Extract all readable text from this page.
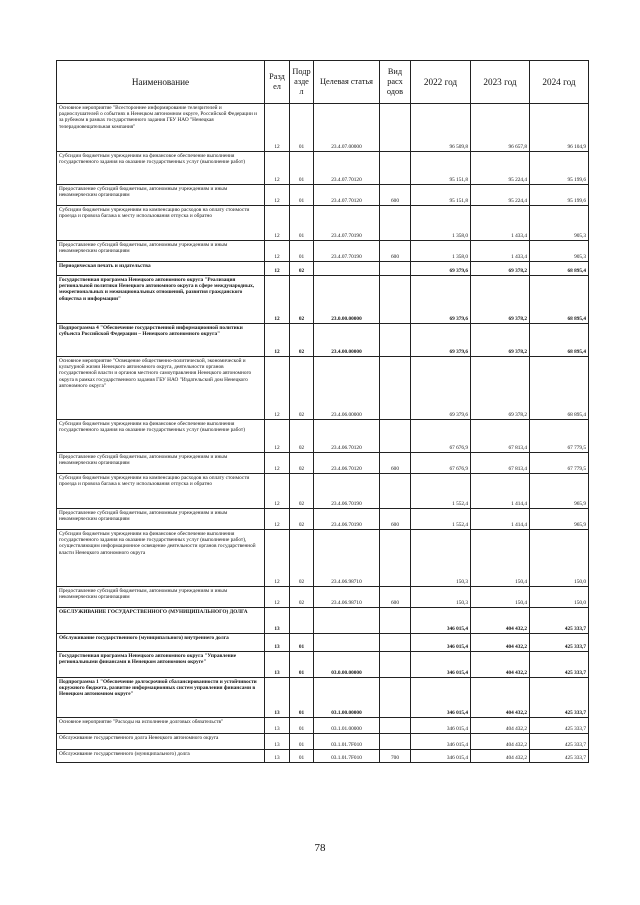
Наименование	Разд ел	Подр азде л	Целевая статья	Вид расх одов	2022 год	2023 год	2024 год
Основное мероприятие "Всестороннее информирование телезрителей и радиослушателей о событиях в Ненецком автономном округе, Российской Федерации и за рубежом в рамках государственного задания ГБУ НАО "Ненецкая телерадиовещательная компания"	12	01	23.4.07.00000		96 509,8	96 657,8	96 104,9
Субсидии бюджетным учреждениям на финансовое обеспечение выполнения государственного задания на оказание государственных услуг (выполнение работ)	12	01	23.4.07.70120		95 151,8	95 224,4	95 199,6
Предоставление субсидий бюджетным, автономным учреждениям и иным некоммерческим организациям	12	01	23.4.07.70120	600	95 151,8	95 224,4	95 199,6
Субсидии бюджетным учреждениям на компенсацию расходов на оплату стоимости проезда и провоза багажа к месту использования отпуска и обратно	12	01	23.4.07.70190		1 358,0	1 433,4	905,3
Предоставление субсидий бюджетным, автономным учреждениям и иным некоммерческим организациям	12	01	23.4.07.70190	600	1 358,0	1 433,4	905,3
Периодическая печать и издательства	12	02			69 379,6	69 378,2	68 895,4
Государственная программа Ненецкого автономного округа "Реализация региональной политики Ненецкого автономного округа в сфере международных, межрегиональных и межнациональных отношений, развития гражданского общества и информации"	12	02	23.0.00.00000		69 379,6	69 378,2	68 895,4
Подпрограмма 4 "Обеспечение государственной информационной политики субъекта Российской Федерации – Ненецкого автономного округа"	12	02	23.4.00.00000		69 379,6	69 378,2	68 895,4
Основное мероприятие "Освещение общественно-политической, экономической и культурной жизни Ненецкого автономного округа, деятельности органов государственной власти и органов местного самоуправления Ненецкого автономного округа в рамках государственного задания ГБУ НАО "Издательский дом Ненецкого автономного округа"	12	02	23.4.06.00000		69 379,6	69 378,2	68 895,4
Субсидии бюджетным учреждениям на финансовое обеспечение выполнения государственного задания на оказание государственных услуг (выполнение работ)	12	02	23.4.06.70120		67 676,9	67 813,4	67 779,5
Предоставление субсидий бюджетным, автономным учреждениям и иным некоммерческим организациям	12	02	23.4.06.70120	600	67 676,9	67 813,4	67 779,5
Субсидии бюджетным учреждениям на компенсацию расходов на оплату стоимости проезда и провоза багажа к месту использования отпуска и обратно	12	02	23.4.06.70190		1 552,4	1 414,4	965,9
Предоставление субсидий бюджетным, автономным учреждениям и иным некоммерческим организациям	12	02	23.4.06.70190	600	1 552,4	1 414,4	965,9
Субсидии бюджетным учреждениям на финансовое обеспечение выполнения государственного задания на оказание государственных услуг (выполнение работ), осуществляющим информационное освещение деятельности органов государственной власти Ненецкого автономного округа	12	02	23.4.06.98710		150,3	150,4	150,0
Предоставление субсидий бюджетным, автономным учреждениям и иным некоммерческим организациям	12	02	23.4.06.98710	600	150,3	150,4	150,0
ОБСЛУЖИВАНИЕ ГОСУДАРСТВЕННОГО (МУНИЦИПАЛЬНОГО) ДОЛГА	13				346 015,4	404 432,2	425 333,7
Обслуживание государственного (муниципального) внутреннего долга	13	01			346 015,4	404 432,2	425 333,7
Государственная программа Ненецкого автономного округа "Управление региональными финансами в Ненецком автономном округе"	13	01	03.0.00.00000		346 015,4	404 432,2	425 333,7
Подпрограмма 1 "Обеспечение долгосрочной сбалансированности и устойчивости окружного бюджета, развитие информационных систем управления финансами в Ненецком автономном округе"	13	01	03.1.00.00000		346 015,4	404 432,2	425 333,7
Основное мероприятие "Расходы на исполнение долговых обязательств"	13	01	03.1.01.00000		346 015,4	404 432,2	425 333,7
Обслуживание государственного долга Ненецкого автономного округа	13	01	03.1.01.7F010		346 015,4	404 432,2	425 333,7
Обслуживание государственного (муниципального) долга	13	01	03.1.01.7F010	700	346 015,4	404 432,2	425 333,7
78
